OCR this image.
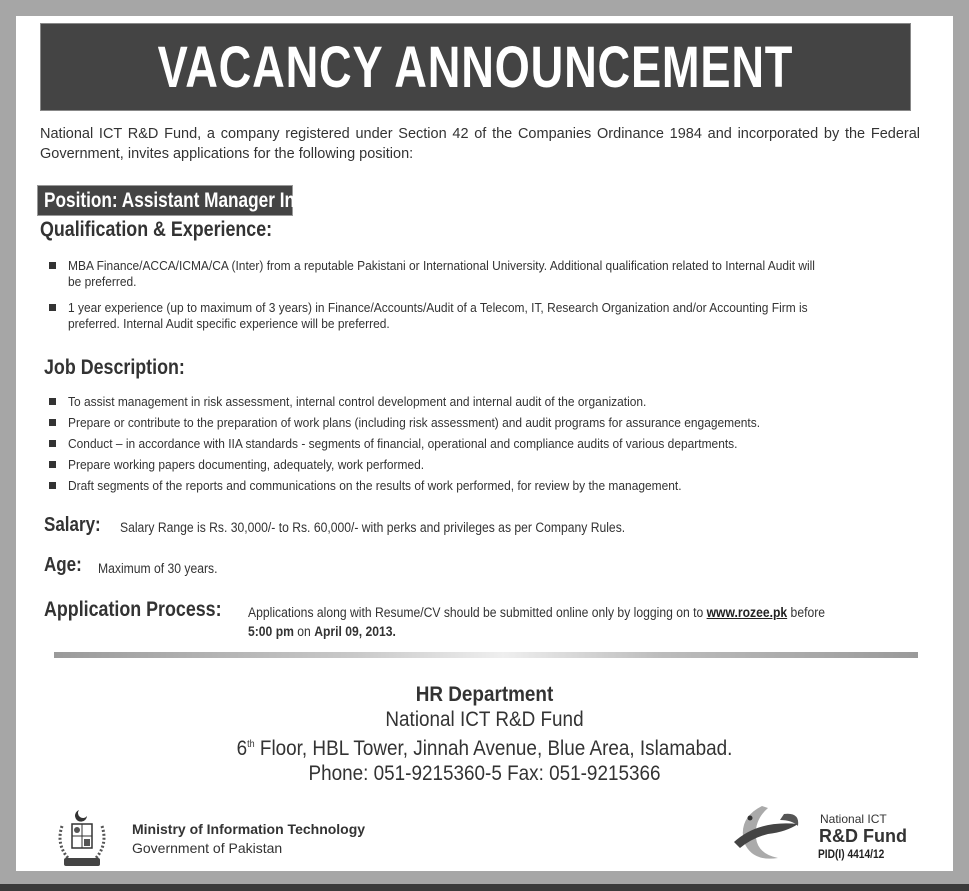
VACANCY ANNOUNCEMENT
National ICT R&D Fund, a company registered under Section 42 of the Companies Ordinance 1984 and incorporated by the Federal Government, invites applications for the following position:
Position: Assistant Manager Internal Audit
Qualification & Experience:
MBA Finance/ACCA/ICMA/CA (Inter) from a reputable Pakistani or International University. Additional qualification related to Internal Audit will be preferred.
1 year experience (up to maximum of 3 years) in Finance/Accounts/Audit of a Telecom, IT, Research Organization and/or Accounting Firm is preferred. Internal Audit specific experience will be preferred.
Job Description:
To assist management in risk assessment, internal control development and internal audit of the organization.
Prepare or contribute to the preparation of work plans (including risk assessment) and audit programs for assurance engagements.
Conduct – in accordance with IIA standards - segments of financial, operational and compliance audits of various departments.
Prepare working papers documenting, adequately, work performed.
Draft segments of the reports and communications on the results of work performed, for review by the management.
Salary: Salary Range is Rs. 30,000/- to Rs. 60,000/- with perks and privileges as per Company Rules.
Age: Maximum of 30 years.
Application Process: Applications along with Resume/CV should be submitted online only by logging on to www.rozee.pk before
5:00 pm on April 09, 2013.
HR Department
National ICT R&D Fund
6th Floor, HBL Tower, Jinnah Avenue, Blue Area, Islamabad.
Phone: 051-9215360-5 Fax: 051-9215366
Ministry of Information Technology
Government of Pakistan
National ICT
R&D Fund
PID(I) 4414/12
